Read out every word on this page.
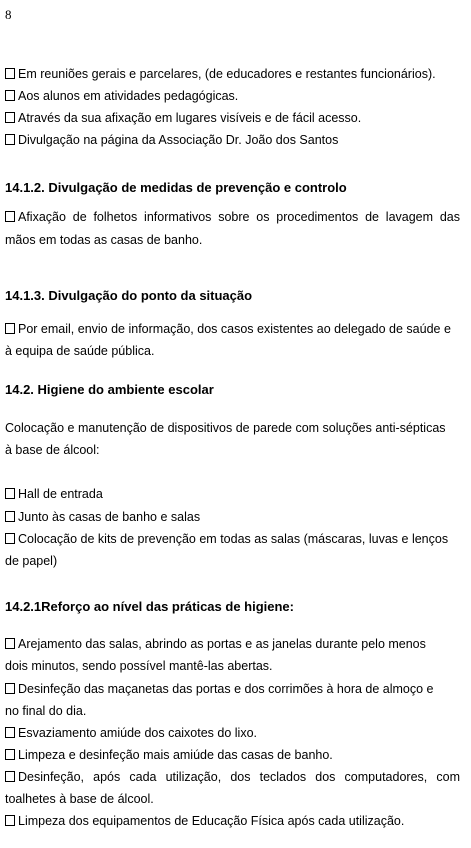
8
Em reuniões gerais e parcelares, (de educadores e restantes funcionários).
Aos alunos em atividades pedagógicas.
Através da sua afixação em lugares visíveis e de fácil acesso.
Divulgação na página da Associação Dr. João dos Santos
14.1.2. Divulgação de medidas de prevenção e controlo
Afixação de folhetos informativos sobre os procedimentos de lavagem das
mãos em todas as casas de banho.
14.1.3. Divulgação do ponto da situação
Por email, envio de informação, dos casos existentes ao delegado de saúde e
à equipa de saúde pública.
14.2. Higiene do ambiente escolar
Colocação e manutenção de dispositivos de parede com soluções anti-sépticas
à base de álcool:
Hall de entrada
Junto às casas de banho e salas
Colocação de kits de prevenção em todas as salas (máscaras, luvas e lenços
de papel)
14.2.1Reforço ao nível das práticas de higiene:
Arejamento das salas, abrindo as portas e as janelas durante pelo menos
dois minutos, sendo possível mantê-las abertas.
Desinfeção das maçanetas das portas e dos corrimões à hora de almoço e
no final do dia.
Esvaziamento amiúde dos caixotes do lixo.
Limpeza e desinfeção mais amiúde das casas de banho.
Desinfeção, após cada utilização, dos teclados dos computadores, com
toalhetes à base de álcool.
Limpeza dos equipamentos de Educação Física após cada utilização.
